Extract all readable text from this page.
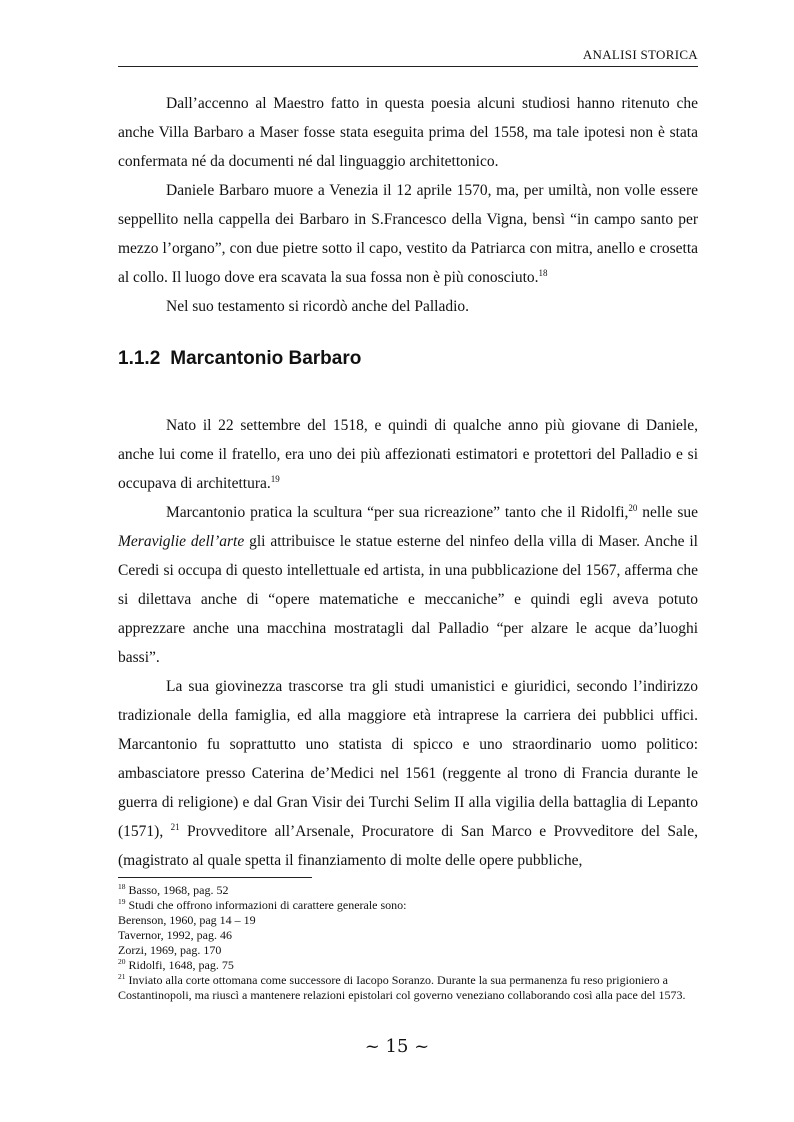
ANALISI STORICA

Dall’accenno al Maestro fatto in questa poesia alcuni studiosi hanno ritenuto che anche Villa Barbaro a Maser fosse stata eseguita prima del 1558, ma tale ipotesi non è stata confermata né da documenti né dal linguaggio architettonico.

Daniele Barbaro muore a Venezia il 12 aprile 1570, ma, per umiltà, non volle essere seppellito nella cappella dei Barbaro in S.Francesco della Vigna, bensì “in campo santo per mezzo l’organo”, con due pietre sotto il capo, vestito da Patriarca con mitra, anello e crosetta al collo. Il luogo dove era scavata la sua fossa non è più conosciuto.$^{18}$

Nel suo testamento si ricordò anche del Palladio.

1.1.2 Marcantonio Barbaro

Nato il 22 settembre del 1518, e quindi di qualche anno più giovane di Daniele, anche lui come il fratello, era uno dei più affezionati estimatori e protettori del Palladio e si occupava di architettura.$^{19}$

Marcantonio pratica la scultura “per sua ricreazione” tanto che il Ridolfi,$^{20}$ nelle sue Meraviglie dell’arte gli attribuisce le statue esterne del ninfeo della villa di Maser. Anche il Ceredi si occupa di questo intellettuale ed artista, in una pubblicazione del 1567, afferma che si dilettava anche di “opere matematiche e meccaniche” e quindi egli aveva potuto apprezzare anche una macchina mostratagli dal Palladio “per alzare le acque da’luoghi bassi”.

La sua giovinezza trascorse tra gli studi umanistici e giuridici, secondo l’indirizzo tradizionale della famiglia, ed alla maggiore età intraprese la carriera dei pubblici uffici. Marcantonio fu soprattutto uno statista di spicco e uno straordinario uomo politico: ambasciatore presso Caterina de’Medici nel 1561 (reggente al trono di Francia durante le guerra di religione) e dal Gran Visir dei Turchi Selim II alla vigilia della battaglia di Lepanto (1571), $^{21}$ Provveditore all’Arsenale, Procuratore di San Marco e Provveditore del Sale, (magistrato al quale spetta il finanziamento di molte delle opere pubbliche,

$^{18}$ Basso, 1968, pag. 52
$^{19}$ Studi che offrono informazioni di carattere generale sono:
Berenson, 1960, pag 14 – 19
Tavernor, 1992, pag. 46
Zorzi, 1969, pag. 170
$^{20}$ Ridolfi, 1648, pag. 75
$^{21}$ Inviato alla corte ottomana come successore di Iacopo Soranzo. Durante la sua permanenza fu reso prigioniero a Costantinopoli, ma riuscì a mantenere relazioni epistolari col governo veneziano collaborando così alla pace del 1573.
~ 15 ~
